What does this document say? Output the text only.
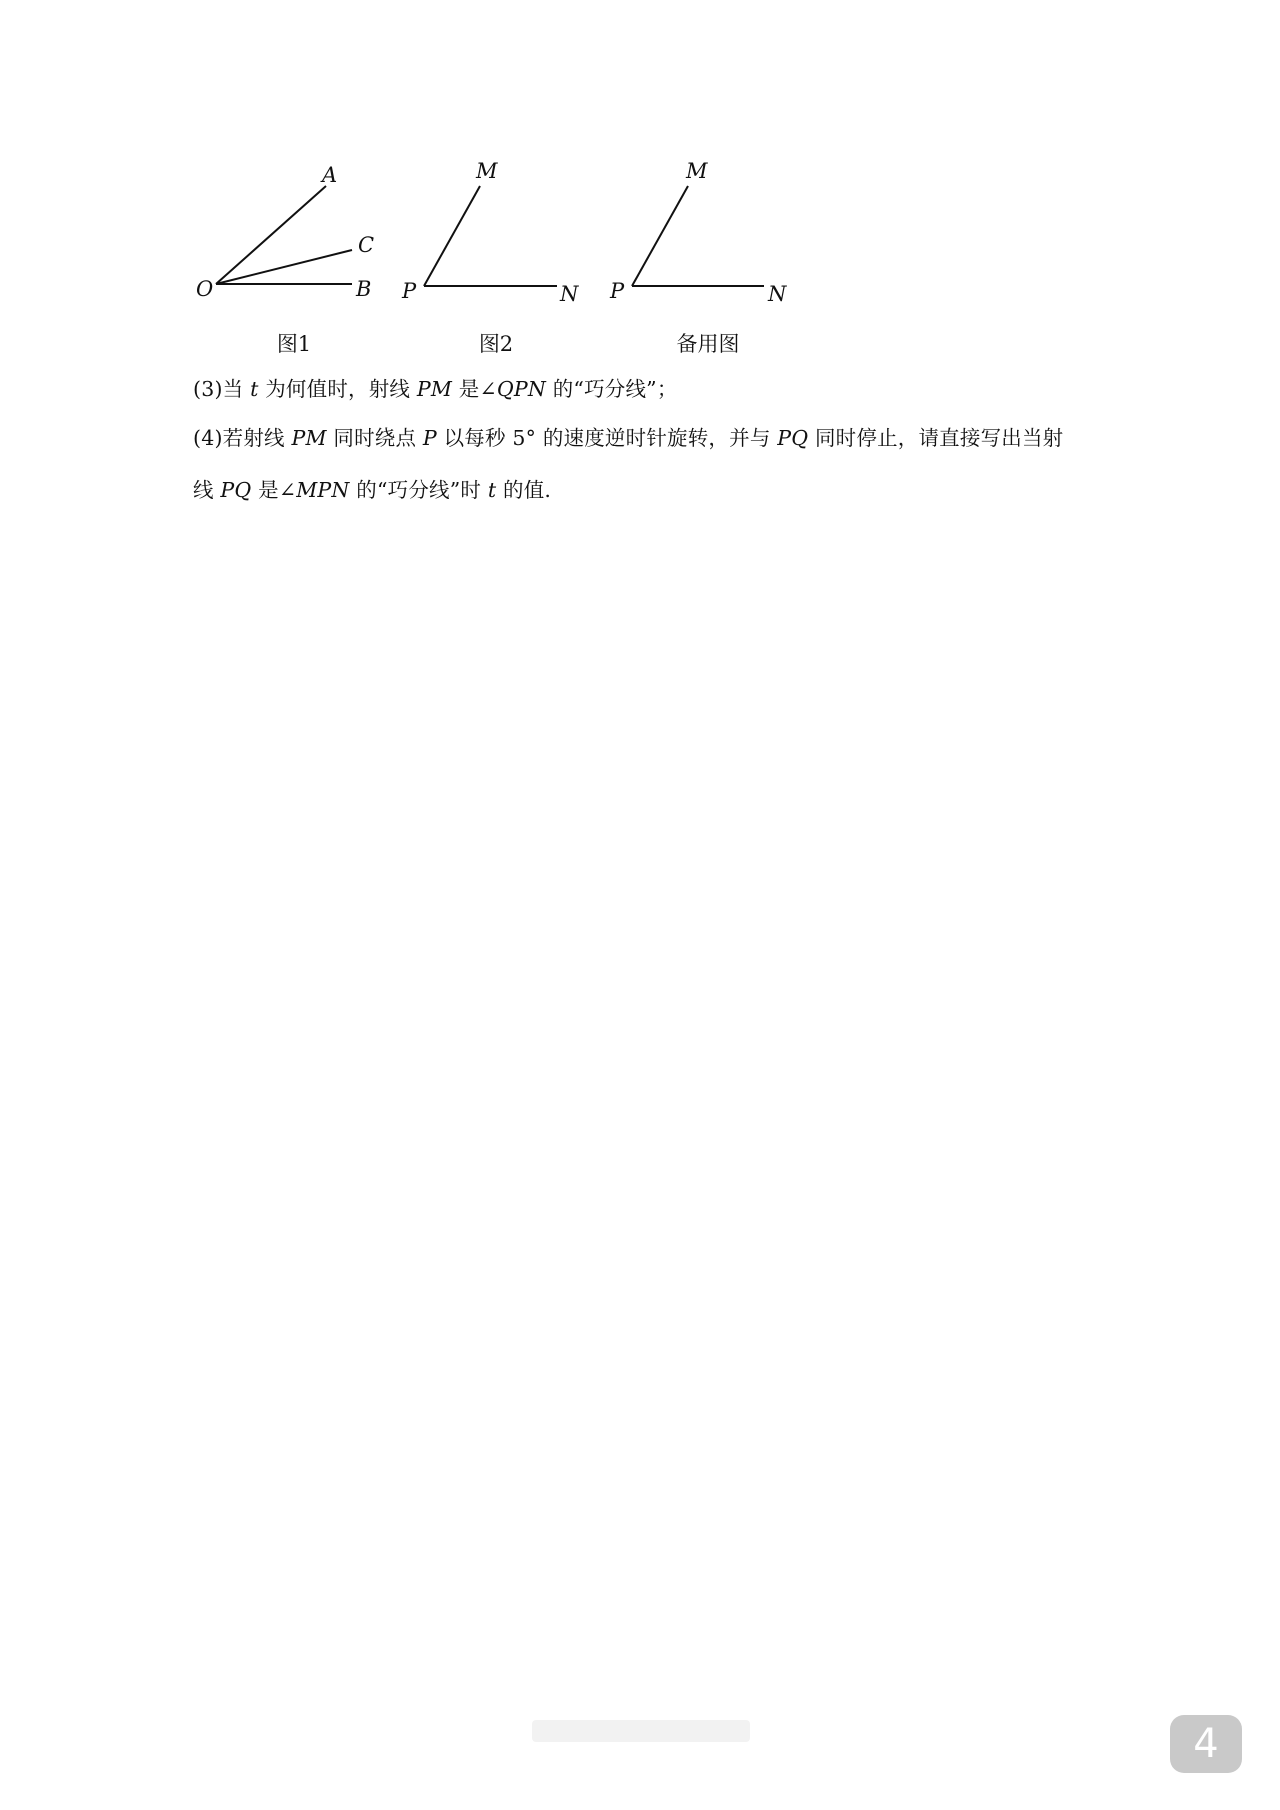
O
A
C
B
M
P	N
M
P	N
图1	图2	备用图
(3)当 t 为何值时，射线 PM 是∠QPN 的“巧分线”；
(4)若射线 PM 同时绕点 P 以每秒 5° 的速度逆时针旋转，并与 PQ 同时停止，请直接写出当射
线 PQ 是∠MPN 的“巧分线”时 t 的值.
4
